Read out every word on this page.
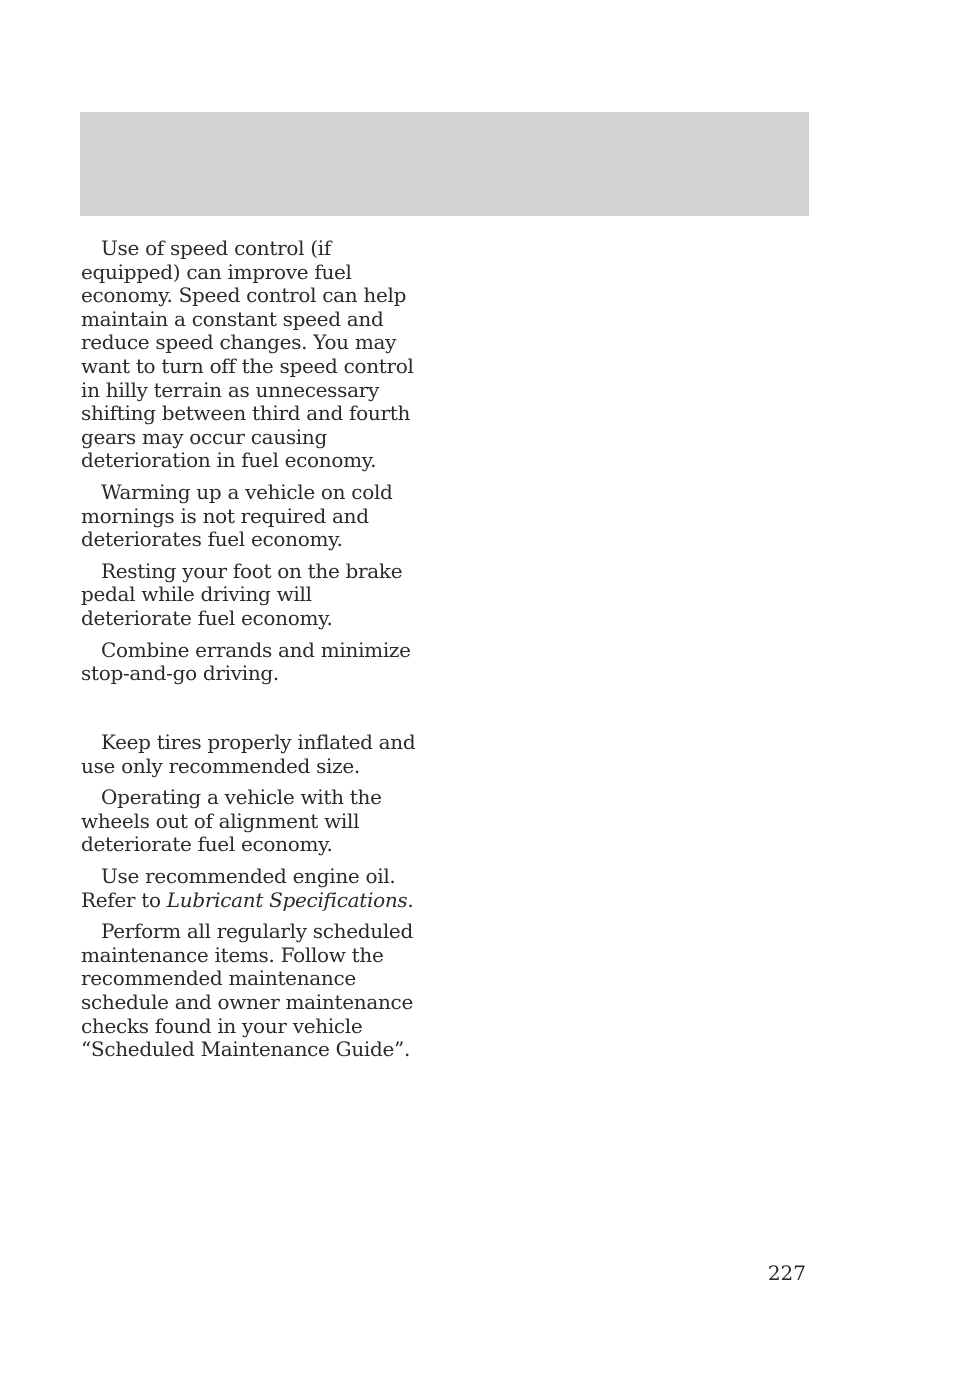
Use of speed control (if equipped) can improve fuel economy. Speed control can help maintain a constant speed and reduce speed changes. You may want to turn off the speed control in hilly terrain as unnecessary shifting between third and fourth gears may occur causing deterioration in fuel economy.

Warming up a vehicle on cold mornings is not required and deteriorates fuel economy.

Resting your foot on the brake pedal while driving will deteriorate fuel economy.

Combine errands and minimize stop-and-go driving.

Keep tires properly inflated and use only recommended size.

Operating a vehicle with the wheels out of alignment will deteriorate fuel economy.

Use recommended engine oil. Refer to Lubricant Specifications.

Perform all regularly scheduled maintenance items. Follow the recommended maintenance schedule and owner maintenance checks found in your vehicle “Scheduled Maintenance Guide”.

227
